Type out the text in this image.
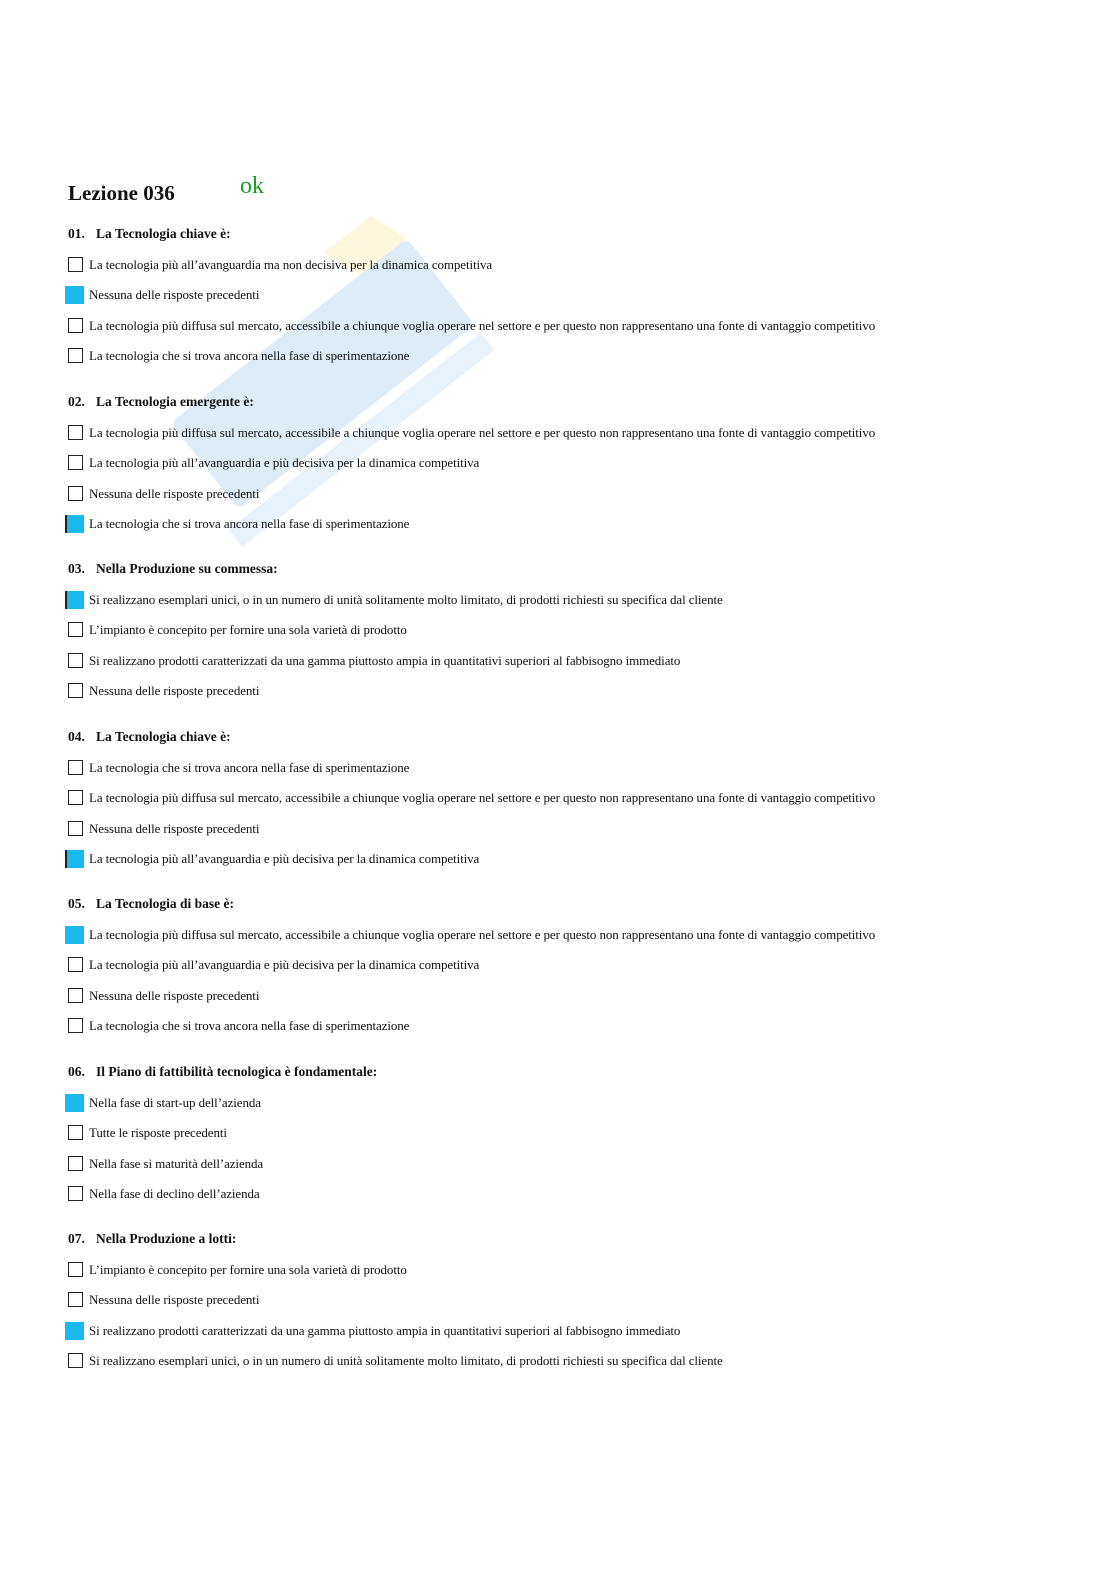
Lezione 036	ok
01. La Tecnologia chiave è:
La tecnologia più all’avanguardia ma non decisiva per la dinamica competitiva
Nessuna delle risposte precedenti
La tecnologia più diffusa sul mercato, accessibile a chiunque voglia operare nel settore e per questo non rappresentano una fonte di vantaggio competitivo
La tecnologia che si trova ancora nella fase di sperimentazione
02. La Tecnologia emergente è:
La tecnologia più diffusa sul mercato, accessibile a chiunque voglia operare nel settore e per questo non rappresentano una fonte di vantaggio competitivo
La tecnologia più all’avanguardia e più decisiva per la dinamica competitiva
Nessuna delle risposte precedenti
La tecnologia che si trova ancora nella fase di sperimentazione
03. Nella Produzione su commessa:
Si realizzano esemplari unici, o in un numero di unità solitamente molto limitato, di prodotti richiesti su specifica dal cliente
L’impianto è concepito per fornire una sola varietà di prodotto
Si realizzano prodotti caratterizzati da una gamma piuttosto ampia in quantitativi superiori al fabbisogno immediato
Nessuna delle risposte precedenti
04. La Tecnologia chiave è:
La tecnologia che si trova ancora nella fase di sperimentazione
La tecnologia più diffusa sul mercato, accessibile a chiunque voglia operare nel settore e per questo non rappresentano una fonte di vantaggio competitivo
Nessuna delle risposte precedenti
La tecnologia più all’avanguardia e più decisiva per la dinamica competitiva
05. La Tecnologia di base è:
La tecnologia più diffusa sul mercato, accessibile a chiunque voglia operare nel settore e per questo non rappresentano una fonte di vantaggio competitivo
La tecnologia più all’avanguardia e più decisiva per la dinamica competitiva
Nessuna delle risposte precedenti
La tecnologia che si trova ancora nella fase di sperimentazione
06. Il Piano di fattibilità tecnologica è fondamentale:
Nella fase di start-up dell’azienda
Tutte le risposte precedenti
Nella fase si maturità dell’azienda
Nella fase di declino dell’azienda
07. Nella Produzione a lotti:
L’impianto è concepito per fornire una sola varietà di prodotto
Nessuna delle risposte precedenti
Si realizzano prodotti caratterizzati da una gamma piuttosto ampia in quantitativi superiori al fabbisogno immediato
Si realizzano esemplari unici, o in un numero di unità solitamente molto limitato, di prodotti richiesti su specifica dal cliente
